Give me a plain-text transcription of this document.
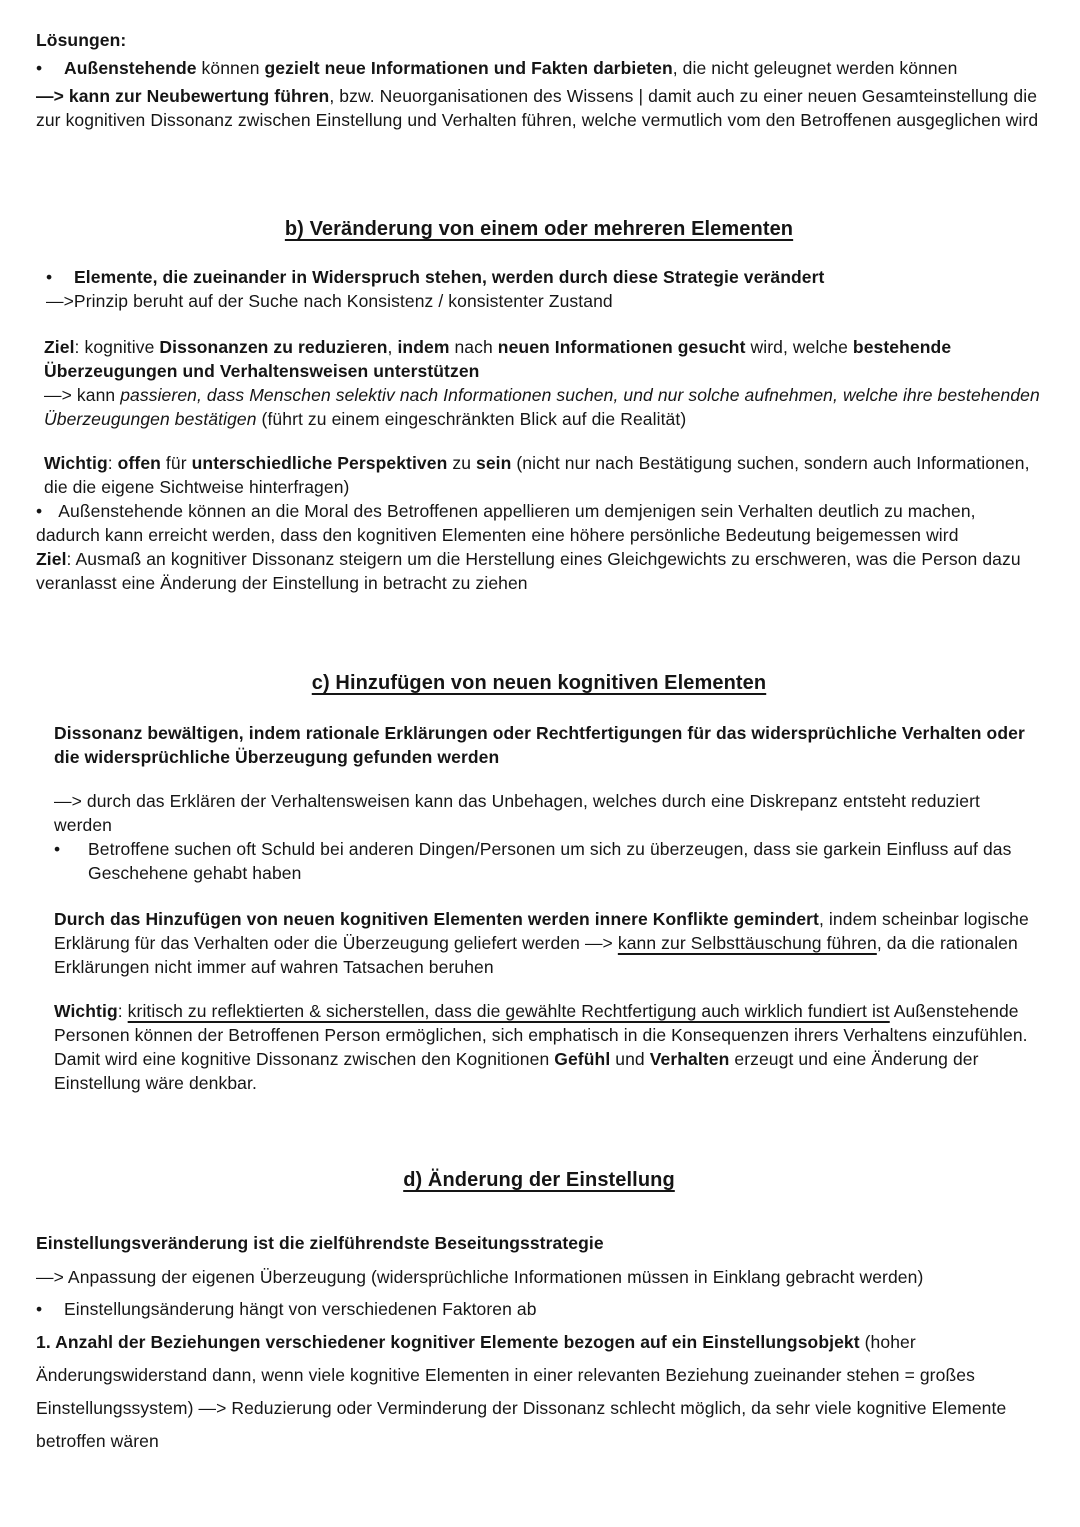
Lösungen:
•	Außenstehende können gezielt neue Informationen und Fakten darbieten, die nicht geleugnet werden können
—> kann zur Neubewertung führen, bzw. Neuorganisationen des Wissens | damit auch zu einer neuen Gesamteinstellung die zur kognitiven Dissonanz zwischen Einstellung und Verhalten führen, welche vermutlich vom den Betroffenen ausgeglichen wird
b) Veränderung von einem oder mehreren Elementen
•	Elemente, die zueinander in Widerspruch stehen, werden durch diese Strategie verändert
—>Prinzip beruht auf der Suche nach Konsistenz / konsistenter Zustand
Ziel: kognitive Dissonanzen zu reduzieren, indem nach neuen Informationen gesucht wird, welche bestehende Überzeugungen und Verhaltensweisen unterstützen
—> kann passieren, dass Menschen selektiv nach Informationen suchen, und nur solche aufnehmen, welche ihre bestehenden Überzeugungen bestätigen (führt zu einem eingeschränkten Blick auf die Realität)
Wichtig: offen für unterschiedliche Perspektiven zu sein (nicht nur nach Bestätigung suchen, sondern auch Informationen, die die eigene Sichtweise hinterfragen)
• Außenstehende können an die Moral des Betroffenen appellieren um demjenigen sein Verhalten deutlich zu machen, dadurch kann erreicht werden, dass den kognitiven Elementen eine höhere persönliche Bedeutung beigemessen wird
Ziel: Ausmaß an kognitiver Dissonanz steigern um die Herstellung eines Gleichgewichts zu erschweren, was die Person dazu veranlasst eine Änderung der Einstellung in betracht zu ziehen
c) Hinzufügen von neuen kognitiven Elementen
Dissonanz bewältigen, indem rationale Erklärungen oder Rechtfertigungen für das widersprüchliche Verhalten oder die widersprüchliche Überzeugung gefunden werden
—> durch das Erklären der Verhaltensweisen kann das Unbehagen, welches durch eine Diskrepanz entsteht reduziert werden
•	Betroffene suchen oft Schuld bei anderen Dingen/Personen um sich zu überzeugen, dass sie garkein Einfluss auf das Geschehene gehabt haben
Durch das Hinzufügen von neuen kognitiven Elementen werden innere Konflikte gemindert, indem scheinbar logische Erklärung für das Verhalten oder die Überzeugung geliefert werden —> kann zur Selbsttäuschung führen, da die rationalen Erklärungen nicht immer auf wahren Tatsachen beruhen
Wichtig: kritisch zu reflektierten & sicherstellen, dass die gewählte Rechtfertigung auch wirklich fundiert ist Außenstehende Personen können der Betroffenen Person ermöglichen, sich emphatisch in die Konsequenzen ihrers Verhaltens einzufühlen. Damit wird eine kognitive Dissonanz zwischen den Kognitionen Gefühl und Verhalten erzeugt und eine Änderung der Einstellung wäre denkbar.
d) Änderung der Einstellung
Einstellungsveränderung ist die zielführendste Beseitungsstrategie
—> Anpassung der eigenen Überzeugung (widersprüchliche Informationen müssen in Einklang gebracht werden)
•	Einstellungsänderung hängt von verschiedenen Faktoren ab
1. Anzahl der Beziehungen verschiedener kognitiver Elemente bezogen auf ein Einstellungsobjekt (hoher Änderungswiderstand dann, wenn viele kognitive Elementen in einer relevanten Beziehung zueinander stehen = großes Einstellungssystem) —> Reduzierung oder Verminderung der Dissonanz schlecht möglich, da sehr viele kognitive Elemente betroffen wären
